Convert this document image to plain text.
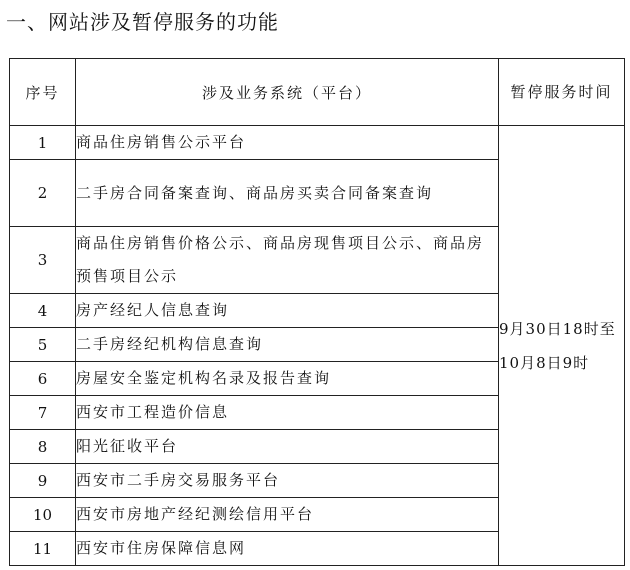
一、网站涉及暂停服务的功能
序号	涉及业务系统（平台）	暂停服务时间
1	商品住房销售公示平台	9月30日18时至10月8日9时
2	二手房合同备案查询、商品房买卖合同备案查询	
3	商品住房销售价格公示、商品房现售项目公示、商品房预售项目公示	
4	房产经纪人信息查询	
5	二手房经纪机构信息查询	
6	房屋安全鉴定机构名录及报告查询	
7	西安市工程造价信息	
8	阳光征收平台	
9	西安市二手房交易服务平台	
10	西安市房地产经纪测绘信用平台	
11	西安市住房保障信息网	
